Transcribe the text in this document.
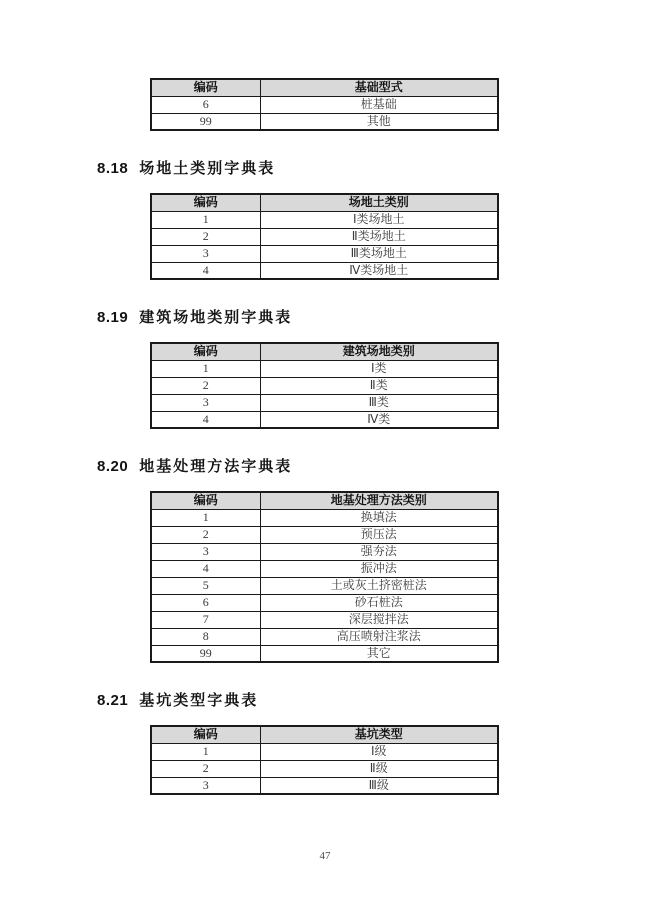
编码	基础型式
6	桩基础
99	其他
8.18 场地土类别字典表
编码	场地土类别
1	Ⅰ类场地土
2	Ⅱ类场地土
3	Ⅲ类场地土
4	Ⅳ类场地土
8.19 建筑场地类别字典表
编码	建筑场地类别
1	Ⅰ类
2	Ⅱ类
3	Ⅲ类
4	Ⅳ类
8.20 地基处理方法字典表
编码	地基处理方法类别
1	换填法
2	预压法
3	强夯法
4	振冲法
5	土或灰土挤密桩法
6	砂石桩法
7	深层搅拌法
8	高压喷射注浆法
99	其它
8.21 基坑类型字典表
编码	基坑类型
1	Ⅰ级
2	Ⅱ级
3	Ⅲ级
47
